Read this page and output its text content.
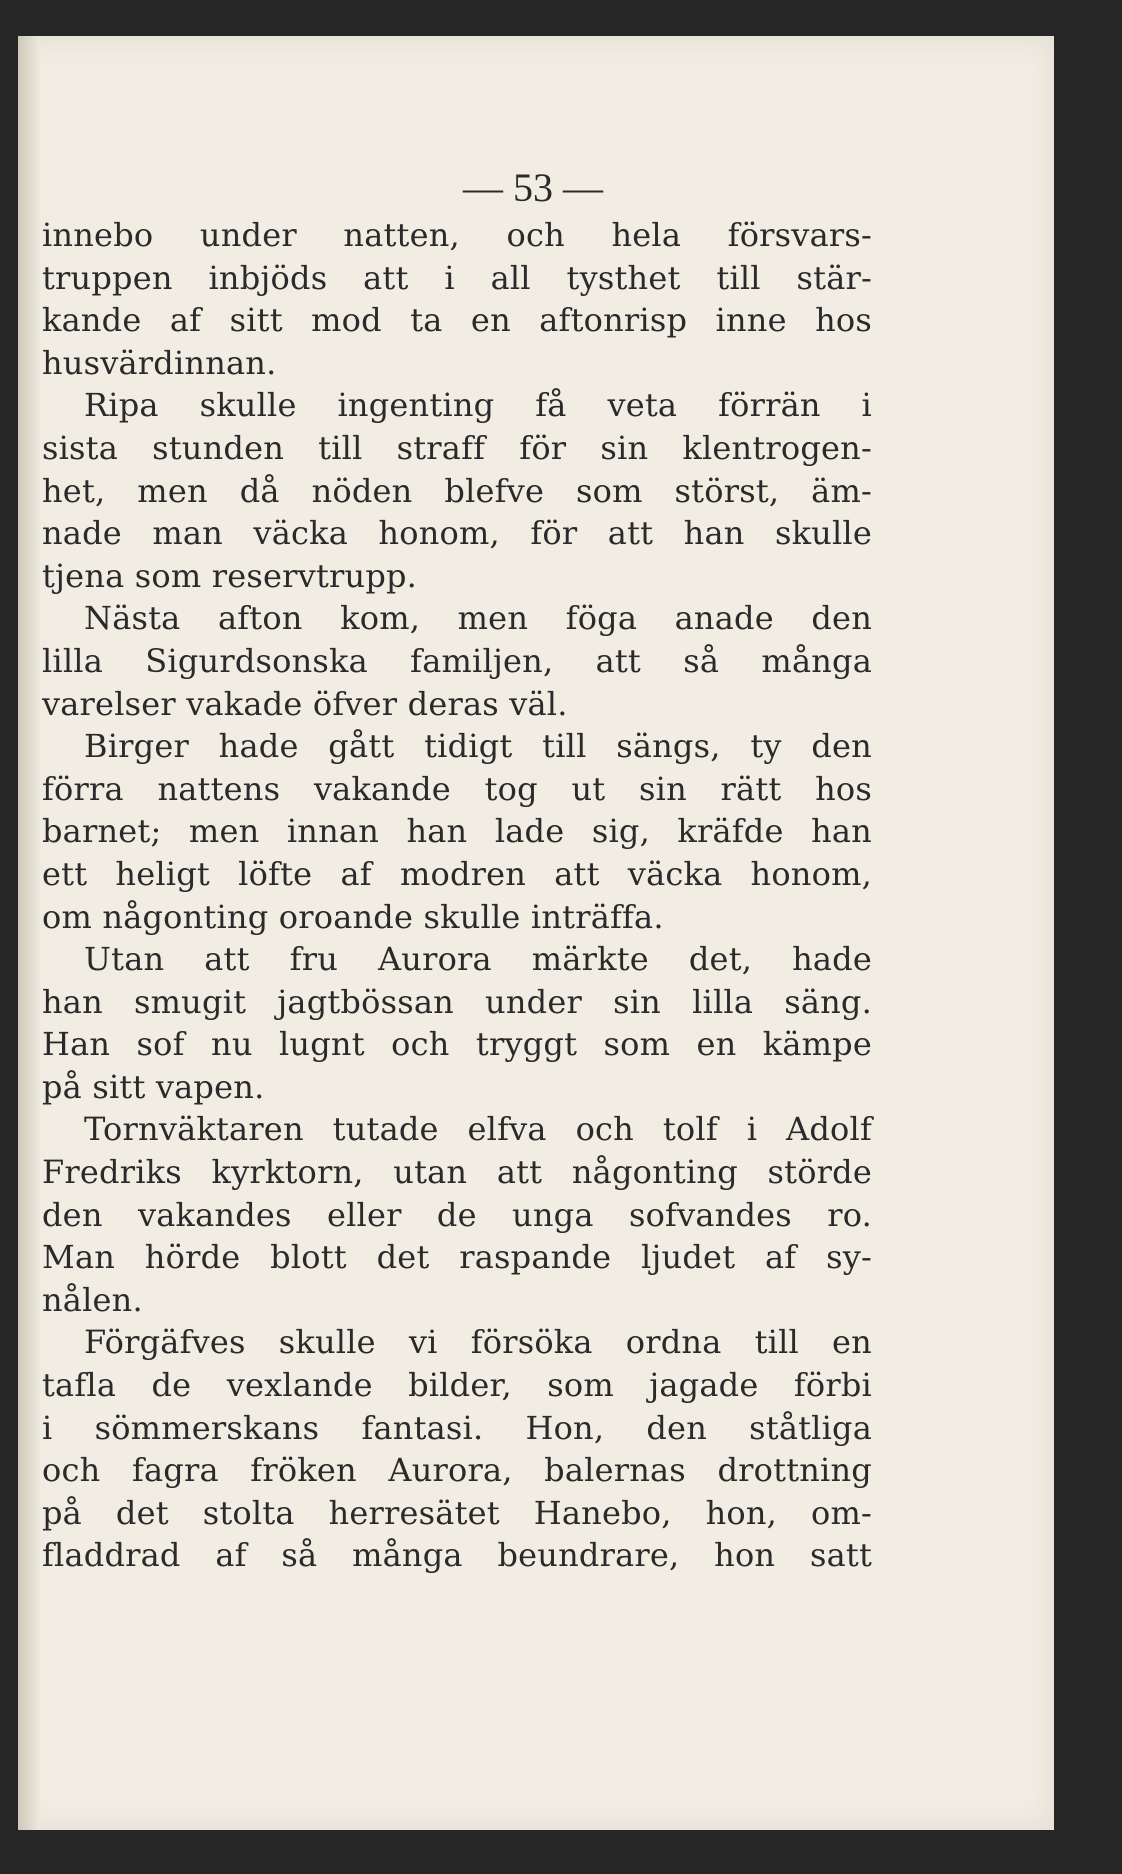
— 53 —
innebo under natten, och hela försvars-
truppen inbjöds att i all tysthet till stär-
kande af sitt mod ta en aftonrisp inne hos
husvärdinnan.
Ripa skulle ingenting få veta förrän i
sista stunden till straff för sin klentrogen-
het, men då nöden blefve som störst, äm-
nade man väcka honom, för att han skulle
tjena som reservtrupp.
Nästa afton kom, men föga anade den
lilla Sigurdsonska familjen, att så många
varelser vakade öfver deras väl.
Birger hade gått tidigt till sängs, ty den
förra nattens vakande tog ut sin rätt hos
barnet; men innan han lade sig, kräfde han
ett heligt löfte af modren att väcka honom,
om någonting oroande skulle inträffa.
Utan att fru Aurora märkte det, hade
han smugit jagtbössan under sin lilla säng.
Han sof nu lugnt och tryggt som en kämpe
på sitt vapen.
Tornväktaren tutade elfva och tolf i Adolf
Fredriks kyrktorn, utan att någonting störde
den vakandes eller de unga sofvandes ro.
Man hörde blott det raspande ljudet af sy-
nålen.
Förgäfves skulle vi försöka ordna till en
tafla de vexlande bilder, som jagade förbi
i sömmerskans fantasi. Hon, den ståtliga
och fagra fröken Aurora, balernas drottning
på det stolta herresätet Hanebo, hon, om-
fladdrad af så många beundrare, hon satt
